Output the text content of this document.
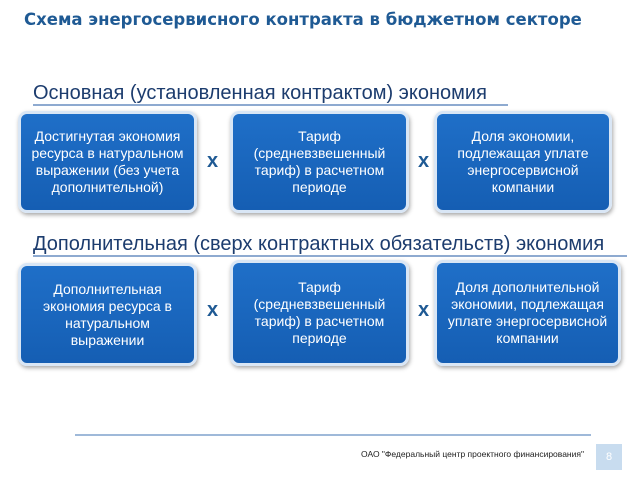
Схема энергосервисного контракта в бюджетном секторе
Основная (установленная контрактом) экономия
Достигнутая экономия ресурса в натуральном выражении (без учета дополнительной)
x
Тариф (средневзвешенный тариф) в расчетном периоде
x
Доля экономии, подлежащая уплате энергосервисной компании
Дополнительная (сверх контрактных обязательств) экономия
Дополнительная экономия ресурса в натуральном выражении
x
Тариф (средневзвешенный тариф) в расчетном периоде
x
Доля дополнительной экономии, подлежащая уплате энергосервисной компании
ОАО "Федеральный центр проектного финансирования"	8
